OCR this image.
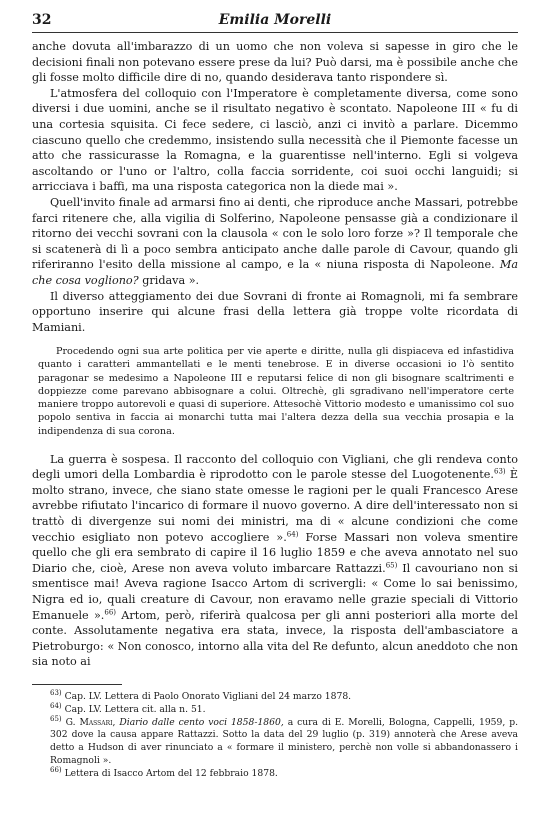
32	Emilia Morelli

anche dovuta all'imbarazzo di un uomo che non voleva si sapesse in giro che le decisioni finali non potevano essere prese da lui? Può darsi, ma è possibile anche che gli fosse molto difficile dire di no, quando desiderava tanto rispondere sì.

L'atmosfera del colloquio con l'Imperatore è completamente diversa, come sono diversi i due uomini, anche se il risultato negativo è scontato. Napoleone III « fu di una cortesia squisita. Ci fece sedere, ci lasciò, anzi ci invitò a parlare. Dicemmo ciascuno quello che credemmo, insistendo sulla necessità che il Piemonte facesse un atto che rassicurasse la Romagna, e la guarentisse nell'interno. Egli si volgeva ascoltando or l'uno or l'altro, colla faccia sorridente, coi suoi occhi languidi; si arricciava i baffi, ma una risposta categorica non la diede mai ».

Quell'invito finale ad armarsi fino ai denti, che riproduce anche Massari, potrebbe farci ritenere che, alla vigilia di Solferino, Napoleone pensasse già a condizionare il ritorno dei vecchi sovrani con la clausola « con le solo loro forze »? Il temporale che si scatenerà di lì a poco sembra anticipato anche dalle parole di Cavour, quando gli riferiranno l'esito della missione al campo, e la « niuna risposta di Napoleone. Ma che cosa vogliono? gridava ».

Il diverso atteggiamento dei due Sovrani di fronte ai Romagnoli, mi fa sembrare opportuno inserire qui alcune frasi della lettera già troppe volte ricordata di Mamiani.

Procedendo ogni sua arte politica per vie aperte e diritte, nulla gli dispiaceva ed infastidiva quanto i caratteri ammantellati e le menti tenebrose. E in diverse occasioni io l'ò sentito paragonar se medesimo a Napoleone III e reputarsi felice di non gli bisognare scaltrimenti e doppiezze come parevano abbisognare a colui. Oltrechè, gli sgradivano nell'imperatore certe maniere troppo autorevoli e quasi di superiore. Attesochè Vittorio modesto e umanissimo col suo popolo sentiva in faccia ai monarchi tutta mai l'altera dezza della sua vecchia prosapia e la indipendenza di sua corona.

La guerra è sospesa. Il racconto del colloquio con Vigliani, che gli rendeva conto degli umori della Lombardia è riprodotto con le parole stesse del Luogotenente.$^{63)}$ È molto strano, invece, che siano state omesse le ragioni per le quali Francesco Arese avrebbe rifiutato l'incarico di formare il nuovo governo. A dire dell'interessato non si trattò di divergenze sui nomi dei ministri, ma di « alcune condizioni che come vecchio esigliato non potevo accogliere ».$^{64)}$ Forse Massari non voleva smentire quello che gli era sembrato di capire il 16 luglio 1859 e che aveva annotato nel suo Diario che, cioè, Arese non aveva voluto imbarcare Rattazzi.$^{65)}$ Il cavouriano non si smentisce mai! Aveva ragione Isacco Artom di scrivergli: « Come lo sai benissimo, Nigra ed io, quali creature di Cavour, non eravamo nelle grazie speciali di Vittorio Emanuele ».$^{66)}$ Artom, però, riferirà qualcosa per gli anni posteriori alla morte del conte. Assolutamente negativa era stata, invece, la risposta dell'ambasciatore a Pietroburgo: « Non conosco, intorno alla vita del Re defunto, alcun aneddoto che non sia noto ai

$^{63)}$ Cap. LV. Lettera di Paolo Onorato Vigliani del 24 marzo 1878.

$^{64)}$ Cap. LV. Lettera cit. alla n. 51.

$^{65)}$ G. Massari, Diario dalle cento voci 1858-1860, a cura di E. Morelli, Bologna, Cappelli, 1959, p. 302 dove la causa appare Rattazzi. Sotto la data del 29 luglio (p. 319) annoterà che Arese aveva detto a Hudson di aver rinunciato a « formare il ministero, perchè non volle si abbandonassero i Romagnoli ».

$^{66)}$ Lettera di Isacco Artom del 12 febbraio 1878.
